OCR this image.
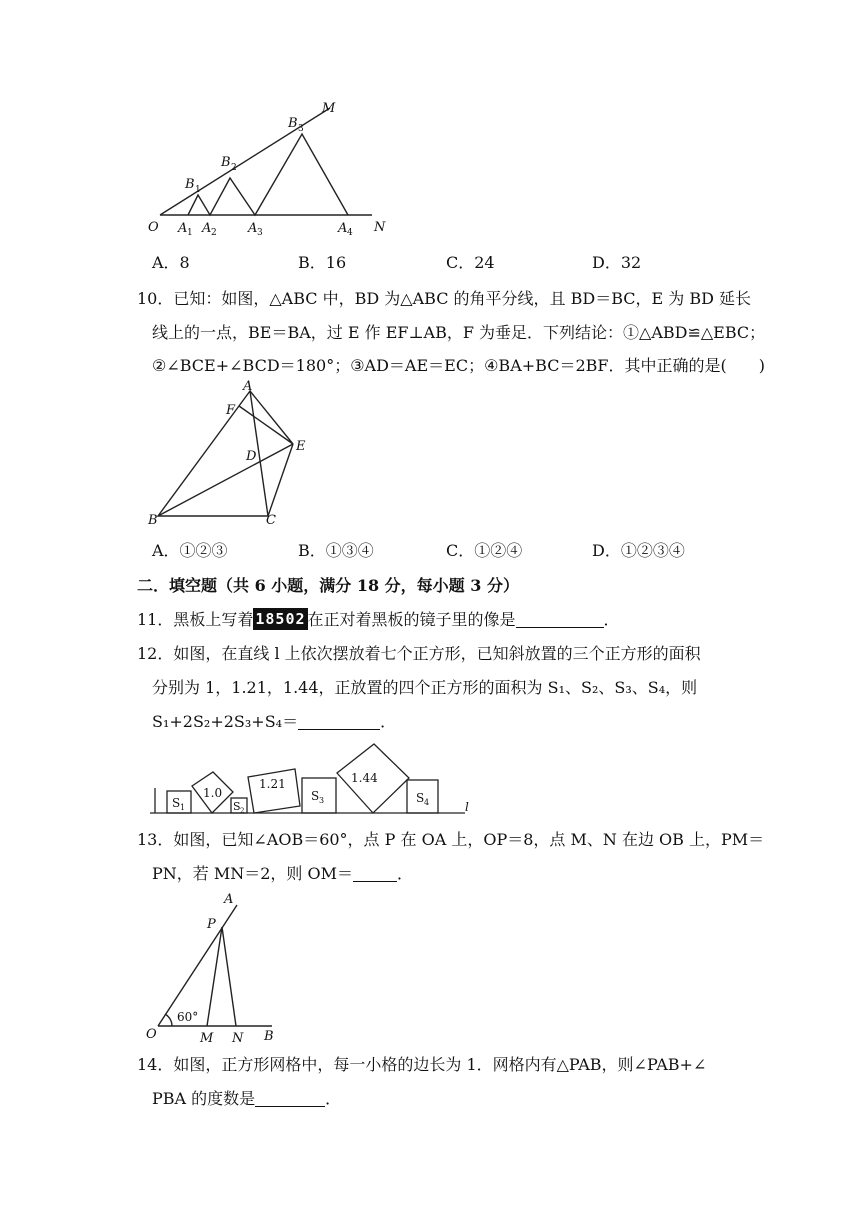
M
N
O
B 1
B 2
B 3
A 1 A 2 A 3	A 4
A．8	B．16	C．24	D．32
10．已知：如图，△ABC 中，BD 为△ABC 的角平分线，且 BD＝BC，E 为 BD 延长
线上的一点，BE＝BA，过 E 作 EF⊥AB，F 为垂足．下列结论：①△ABD≌△EBC；
②∠BCE+∠BCD＝180°；③AD＝AE＝EC；④BA+BC＝2BF．其中正确的是(　　)
A
F
E
D
B	C
A．①②③	B．①③④	C．①②④	D．①②③④
二．填空题（共 6 小题，满分 18 分，每小题 3 分）
11．黑板上写着 18502 在正对着黑板的镜子里的像是	．
12．如图，在直线 l 上依次摆放着七个正方形，已知斜放置的三个正方形的面积
分别为 1，1.21，1.44，正放置的四个正方形的面积为 S₁、S₂、S₃、S₄，则
S₁+2S₂+2S₃+S₄＝	．
S 1
1.0
S 2
1.21
S 3
1.44
S 4	l
13．如图，已知∠AOB＝60°，点 P 在 OA 上，OP＝8，点 M、N 在边 OB 上，PM＝
PN，若 MN＝2，则 OM＝	．
A
P
O	M N B
60°
14．如图，正方形网格中，每一小格的边长为 1．网格内有△PAB，则∠PAB+∠
PBA 的度数是	．
